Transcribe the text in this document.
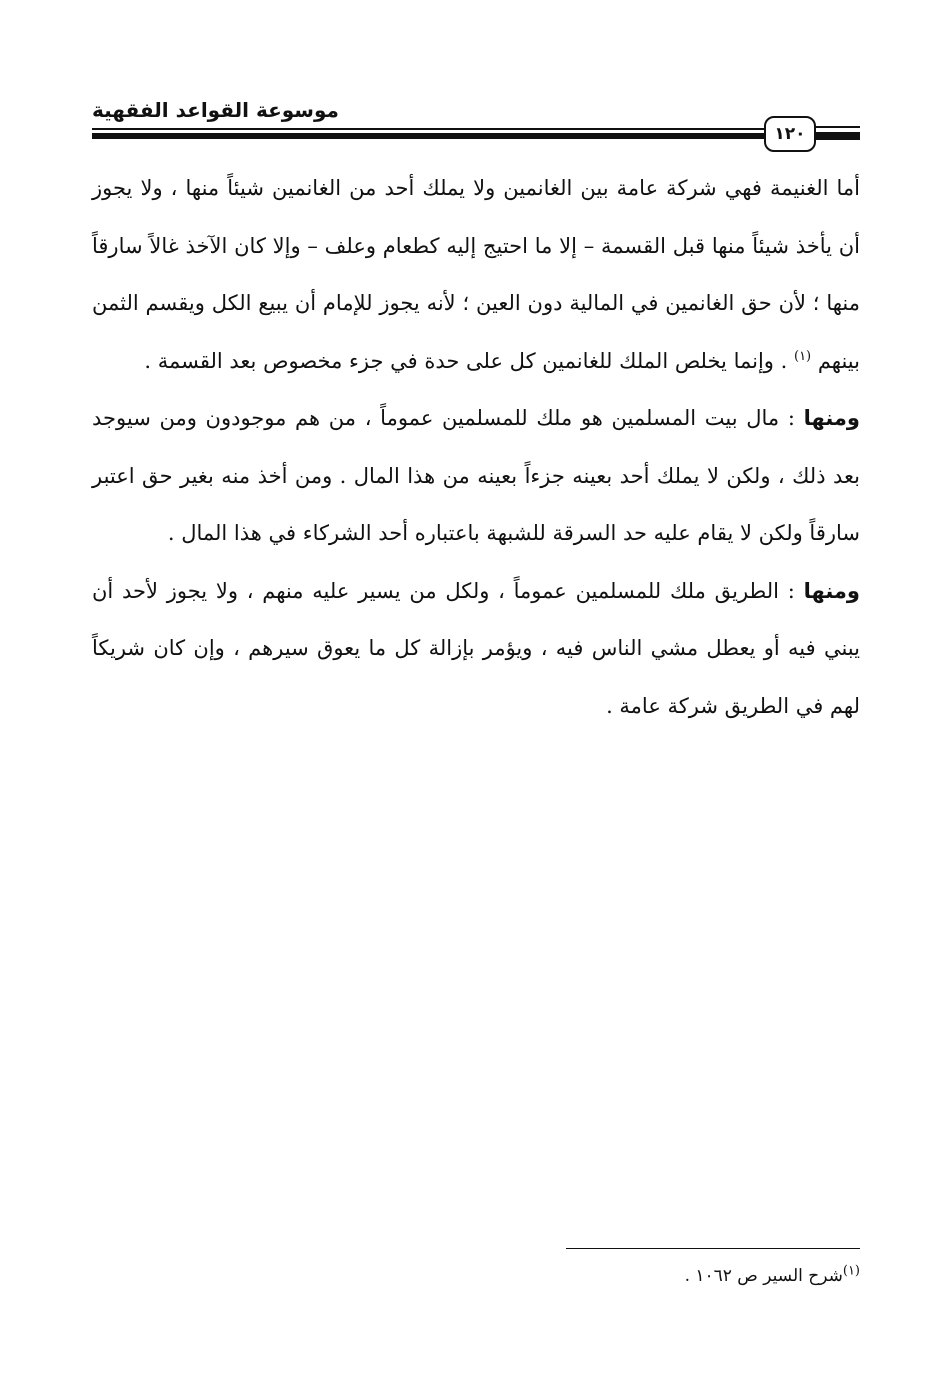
موسوعة القواعد الفقهية
١٢٠

أما الغنيمة فهي شركة عامة بين الغانمين ولا يملك أحد من الغانمين شيئاً منها ، ولا يجوز أن يأخذ شيئاً منها قبل القسمة – إلا ما احتيج إليه كطعام وعلف – وإلا كان الآخذ غالاً سارقاً منها ؛ لأن حق الغانمين في المالية دون العين ؛ لأنه يجوز للإمام أن يبيع الكل ويقسم الثمن بينهم $^{(١)}$ . وإنما يخلص الملك للغانمين كل على حدة في جزء مخصوص بعد القسمة .

ومنها : مال بيت المسلمين هو ملك للمسلمين عموماً ، من هم موجودون ومن سيوجد بعد ذلك ، ولكن لا يملك أحد بعينه جزءاً بعينه من هذا المال . ومن أخذ منه بغير حق اعتبر سارقاً ولكن لا يقام عليه حد السرقة للشبهة باعتباره أحد الشركاء في هذا المال .

ومنها : الطريق ملك للمسلمين عموماً ، ولكل من يسير عليه منهم ، ولا يجوز لأحد أن يبني فيه أو يعطل مشي الناس فيه ، ويؤمر بإزالة كل ما يعوق سيرهم ، وإن كان شريكاً لهم في الطريق شركة عامة .

$^{(١)}$شرح السير ص ١٠٦٢ .
